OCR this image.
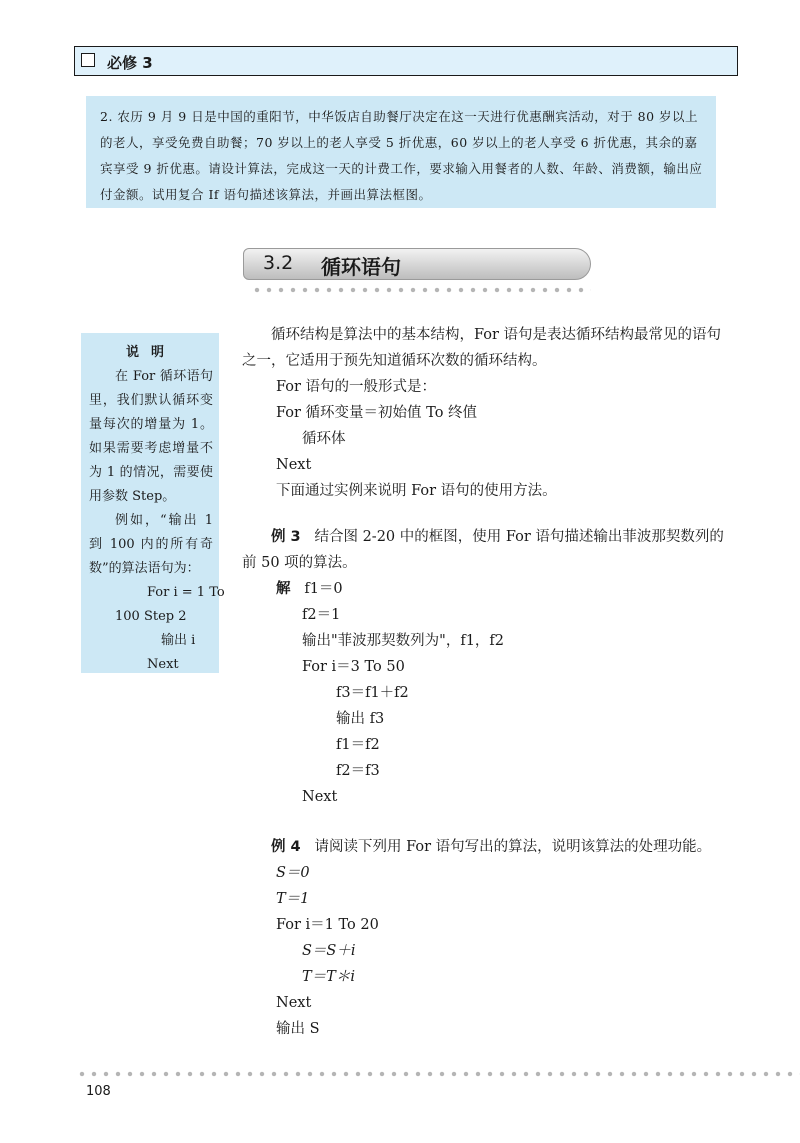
必修 3
2. 农历 9 月 9 日是中国的重阳节，中华饭店自助餐厅决定在这一天进行优惠酬宾活动，对于 80 岁以上的老人，享受免费自助餐；70 岁以上的老人享受 5 折优惠，60 岁以上的老人享受 6 折优惠，其余的嘉宾享受 9 折优惠。请设计算法，完成这一天的计费工作，要求输入用餐者的人数、年龄、消费额，输出应付金额。试用复合 If 语句描述该算法，并画出算法框图。
3.2 循环语句
说明

在 For 循环语句里，我们默认循环变量每次的增量为 1。如果需要考虑增量不为 1 的情况，需要使用参数 Step。

例如，“输出 1 到 100 内的所有奇数”的算法语句为：

For i = 1 To

100 Step 2

输出 i

Next

循环结构是算法中的基本结构，For 语句是表达循环结构最常见的语句之一，它适用于预先知道循环次数的循环结构。

For 语句的一般形式是：

For 循环变量＝初始值 To 终值

循环体

Next

下面通过实例来说明 For 语句的使用方法。

例 3 结合图 2-20 中的框图，使用 For 语句描述输出菲波那契数列的前 50 项的算法。

解 f1＝0

f2＝1

输出"菲波那契数列为"，f1，f2

For i＝3 To 50

f3＝f1＋f2

输出 f3

f1＝f2

f2＝f3

Next

例 4 请阅读下列用 For 语句写出的算法，说明该算法的处理功能。

S＝0

T＝1

For i＝1 To 20

S＝S＋i

T＝T＊i

Next

输出 S

108
